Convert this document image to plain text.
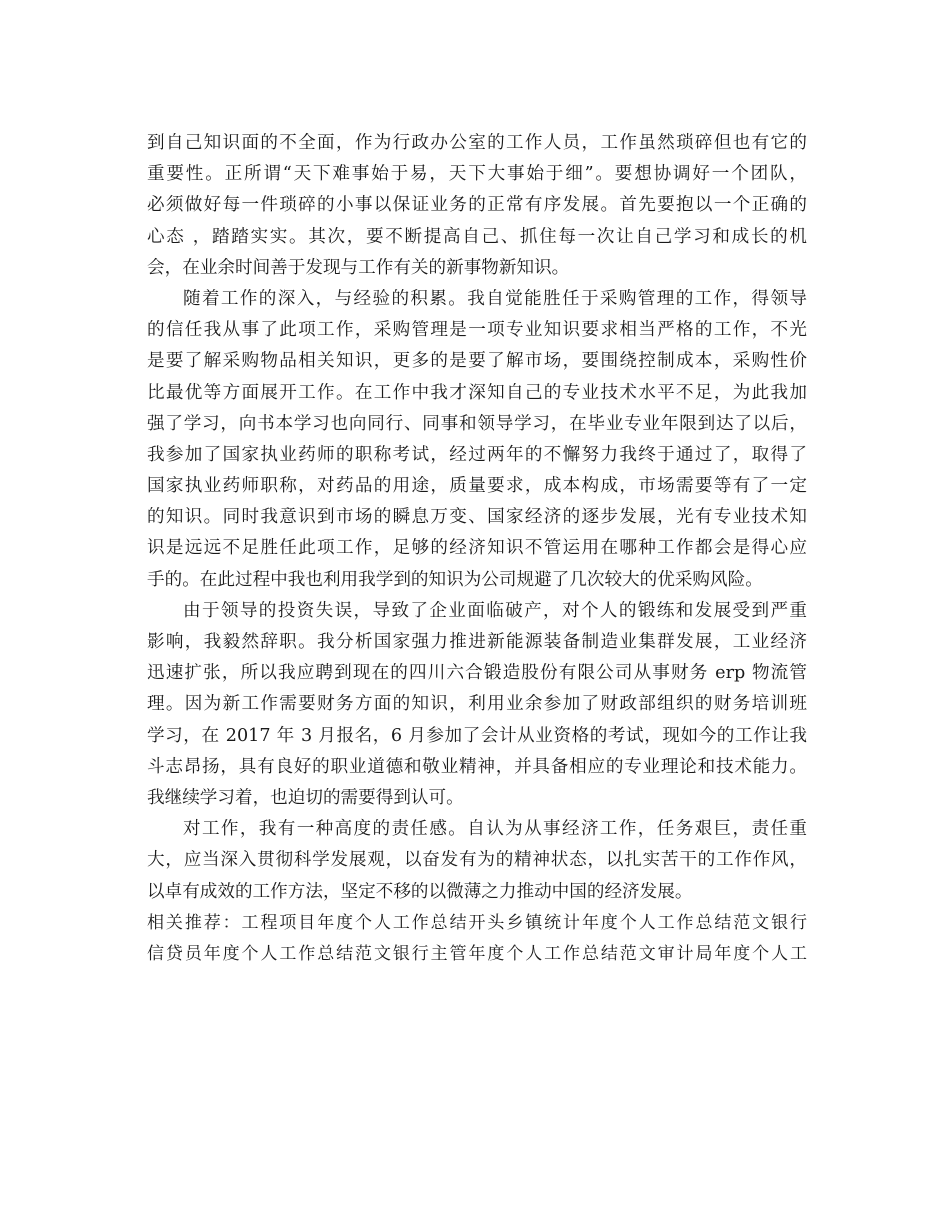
到自己知识面的不全面，作为行政办公室的工作人员，工作虽然琐碎但也有它的
重要性。正所谓“天下难事始于易，天下大事始于细”。要想协调好一个团队，
必须做好每一件琐碎的小事以保证业务的正常有序发展。首先要抱以一个正确的
心态 ，踏踏实实。其次，要不断提高自己、抓住每一次让自己学习和成长的机
会，在业余时间善于发现与工作有关的新事物新知识。
随着工作的深入，与经验的积累。我自觉能胜任于采购管理的工作，得领导
的信任我从事了此项工作，采购管理是一项专业知识要求相当严格的工作，不光
是要了解采购物品相关知识，更多的是要了解市场，要围绕控制成本，采购性价
比最优等方面展开工作。在工作中我才深知自己的专业技术水平不足，为此我加
强了学习，向书本学习也向同行、同事和领导学习，在毕业专业年限到达了以后，
我参加了国家执业药师的职称考试，经过两年的不懈努力我终于通过了，取得了
国家执业药师职称，对药品的用途，质量要求，成本构成，市场需要等有了一定
的知识。同时我意识到市场的瞬息万变、国家经济的逐步发展，光有专业技术知
识是远远不足胜任此项工作，足够的经济知识不管运用在哪种工作都会是得心应
手的。在此过程中我也利用我学到的知识为公司规避了几次较大的优采购风险。
由于领导的投资失误，导致了企业面临破产，对个人的锻练和发展受到严重
影响，我毅然辞职。我分析国家强力推进新能源装备制造业集群发展，工业经济
迅速扩张，所以我应聘到现在的四川六合锻造股份有限公司从事财务 erp 物流管
理。因为新工作需要财务方面的知识，利用业余参加了财政部组织的财务培训班
学习，在 2017 年 3 月报名，6 月参加了会计从业资格的考试，现如今的工作让我
斗志昂扬，具有良好的职业道德和敬业精神，并具备相应的专业理论和技术能力。
我继续学习着，也迫切的需要得到认可。
对工作，我有一种高度的责任感。自认为从事经济工作，任务艰巨，责任重
大，应当深入贯彻科学发展观，以奋发有为的精神状态，以扎实苦干的工作作风，
以卓有成效的工作方法，坚定不移的以微薄之力推动中国的经济发展。
相关推荐：工程项目年度个人工作总结开头乡镇统计年度个人工作总结范文银行
信贷员年度个人工作总结范文银行主管年度个人工作总结范文审计局年度个人工
